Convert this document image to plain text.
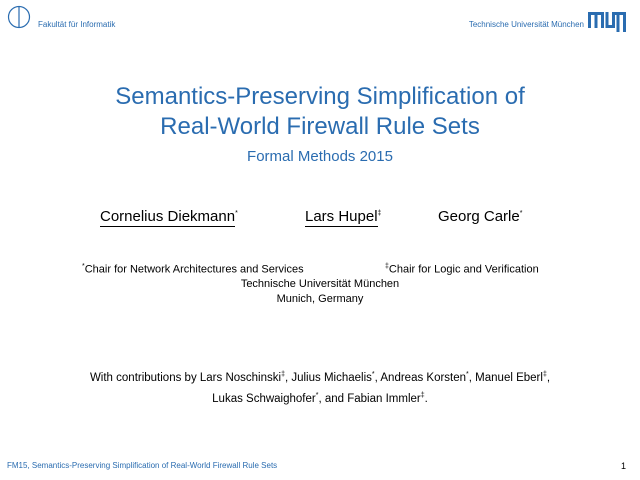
Fakultät für Informatik	Technische Universität München
Semantics-Preserving Simplification of
Real-World Firewall Rule Sets
Formal Methods 2015
Cornelius Diekmann*	Lars Hupel‡	Georg Carle*
*Chair for Network Architectures and Services	‡Chair for Logic and Verification
Technische Universität München
Munich, Germany
With contributions by Lars Noschinski‡, Julius Michaelis*, Andreas Korsten*, Manuel Eberl‡,
Lukas Schwaighofer*, and Fabian Immler‡.
FM15, Semantics-Preserving Simplification of Real-World Firewall Rule Sets	1
